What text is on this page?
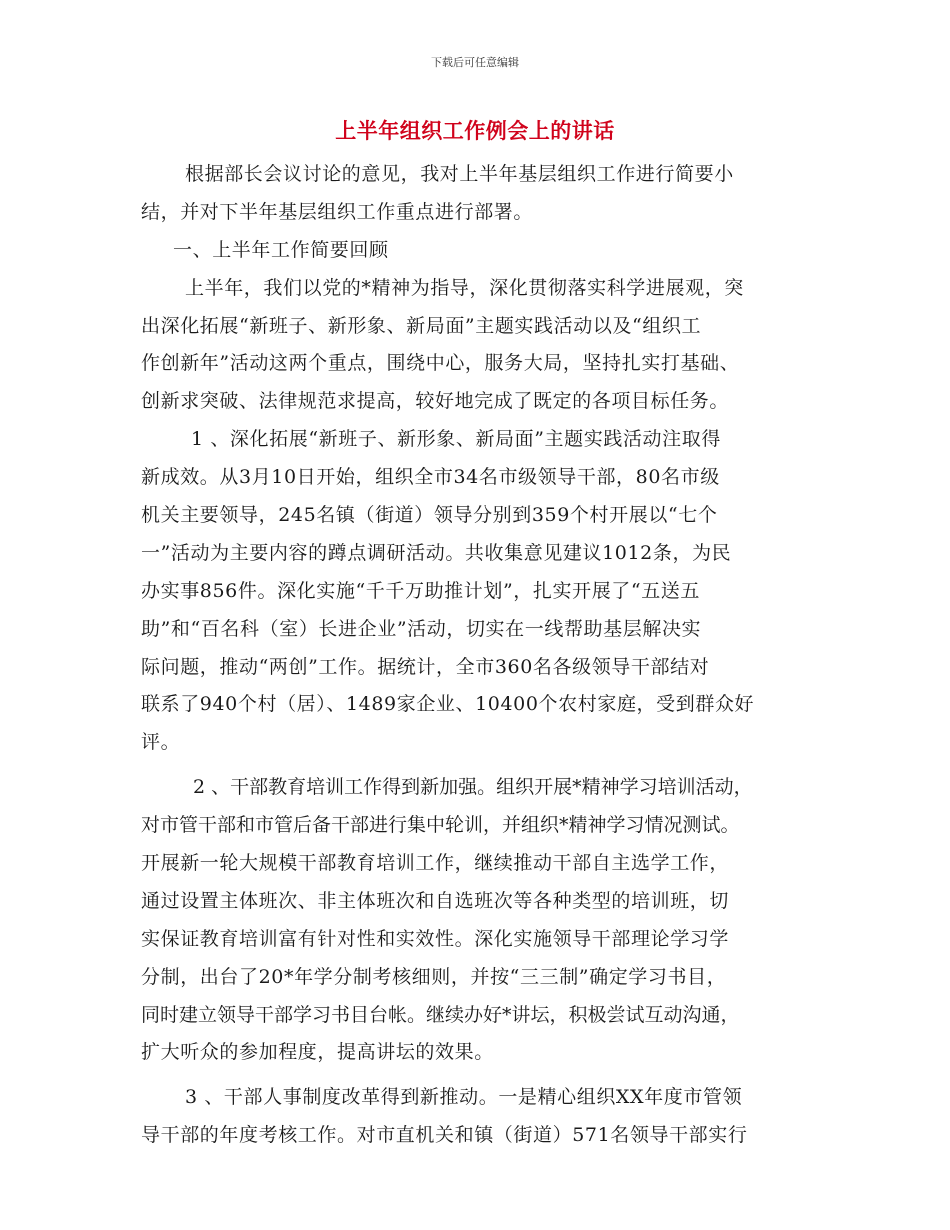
下载后可任意编辑
上半年组织工作例会上的讲话
根据部长会议讨论的意见，我对上半年基层组织工作进行简要小
结，并对下半年基层组织工作重点进行部署。
一、上半年工作简要回顾
上半年，我们以党的*精神为指导，深化贯彻落实科学进展观，突
出深化拓展“新班子、新形象、新局面”主题实践活动以及“组织工
作创新年”活动这两个重点，围绕中心，服务大局，坚持扎实打基础、
创新求突破、法律规范求提高，较好地完成了既定的各项目标任务。
1 、深化拓展“新班子、新形象、新局面”主题实践活动注取得
新成效。从3月10日开始，组织全市34名市级领导干部，80名市级
机关主要领导，245名镇（街道）领导分别到359个村开展以“七个
一”活动为主要内容的蹲点调研活动。共收集意见建议1012条，为民
办实事856件。深化实施“千千万助推计划”，扎实开展了“五送五
助”和“百名科（室）长进企业”活动，切实在一线帮助基层解决实
际问题，推动“两创”工作。据统计，全市360名各级领导干部结对
联系了940个村（居）、1489家企业、10400个农村家庭，受到群众好
评。
2 、干部教育培训工作得到新加强。组织开展*精神学习培训活动，
对市管干部和市管后备干部进行集中轮训，并组织*精神学习情况测试。
开展新一轮大规模干部教育培训工作，继续推动干部自主选学工作，
通过设置主体班次、非主体班次和自选班次等各种类型的培训班，切
实保证教育培训富有针对性和实效性。深化实施领导干部理论学习学
分制，出台了20*年学分制考核细则，并按“三三制”确定学习书目，
同时建立领导干部学习书目台帐。继续办好*讲坛，积极尝试互动沟通，
扩大听众的参加程度，提高讲坛的效果。
3 、干部人事制度改革得到新推动。一是精心组织XX年度市管领
导干部的年度考核工作。对市直机关和镇（街道）571名领导干部实行
